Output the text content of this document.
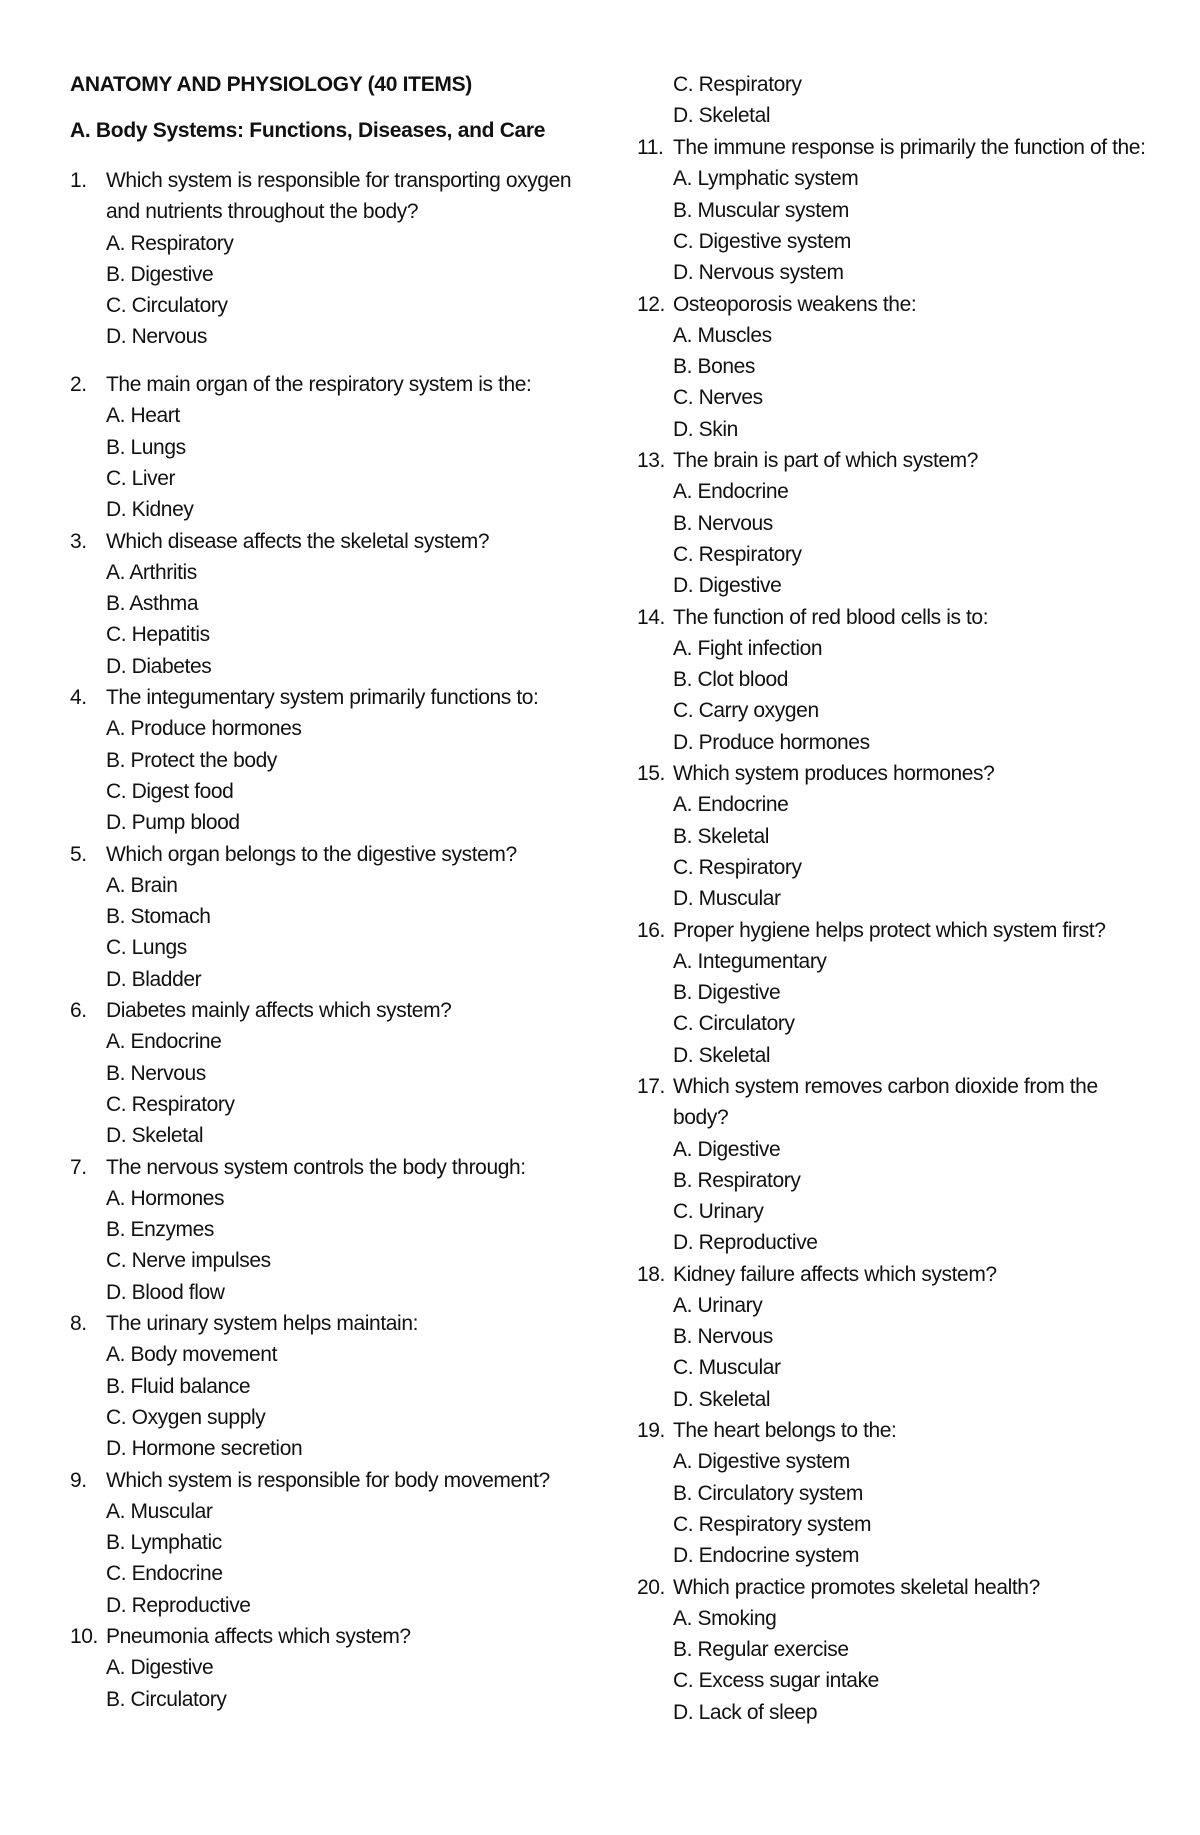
ANATOMY AND PHYSIOLOGY (40 ITEMS)
A. Body Systems: Functions, Diseases, and Care
1. Which system is responsible for transporting oxygen and nutrients throughout the body?
A. Respiratory
B. Digestive
C. Circulatory
D. Nervous
2. The main organ of the respiratory system is the:
A. Heart
B. Lungs
C. Liver
D. Kidney
3. Which disease affects the skeletal system?
A. Arthritis
B. Asthma
C. Hepatitis
D. Diabetes
4. The integumentary system primarily functions to:
A. Produce hormones
B. Protect the body
C. Digest food
D. Pump blood
5. Which organ belongs to the digestive system?
A. Brain
B. Stomach
C. Lungs
D. Bladder
6. Diabetes mainly affects which system?
A. Endocrine
B. Nervous
C. Respiratory
D. Skeletal
7. The nervous system controls the body through:
A. Hormones
B. Enzymes
C. Nerve impulses
D. Blood flow
8. The urinary system helps maintain:
A. Body movement
B. Fluid balance
C. Oxygen supply
D. Hormone secretion
9. Which system is responsible for body movement?
A. Muscular
B. Lymphatic
C. Endocrine
D. Reproductive
10. Pneumonia affects which system?
A. Digestive
B. Circulatory
C. Respiratory
D. Skeletal
11. The immune response is primarily the function of the:
A. Lymphatic system
B. Muscular system
C. Digestive system
D. Nervous system
12. Osteoporosis weakens the:
A. Muscles
B. Bones
C. Nerves
D. Skin
13. The brain is part of which system?
A. Endocrine
B. Nervous
C. Respiratory
D. Digestive
14. The function of red blood cells is to:
A. Fight infection
B. Clot blood
C. Carry oxygen
D. Produce hormones
15. Which system produces hormones?
A. Endocrine
B. Skeletal
C. Respiratory
D. Muscular
16. Proper hygiene helps protect which system first?
A. Integumentary
B. Digestive
C. Circulatory
D. Skeletal
17. Which system removes carbon dioxide from the body?
A. Digestive
B. Respiratory
C. Urinary
D. Reproductive
18. Kidney failure affects which system?
A. Urinary
B. Nervous
C. Muscular
D. Skeletal
19. The heart belongs to the:
A. Digestive system
B. Circulatory system
C. Respiratory system
D. Endocrine system
20. Which practice promotes skeletal health?
A. Smoking
B. Regular exercise
C. Excess sugar intake
D. Lack of sleep
